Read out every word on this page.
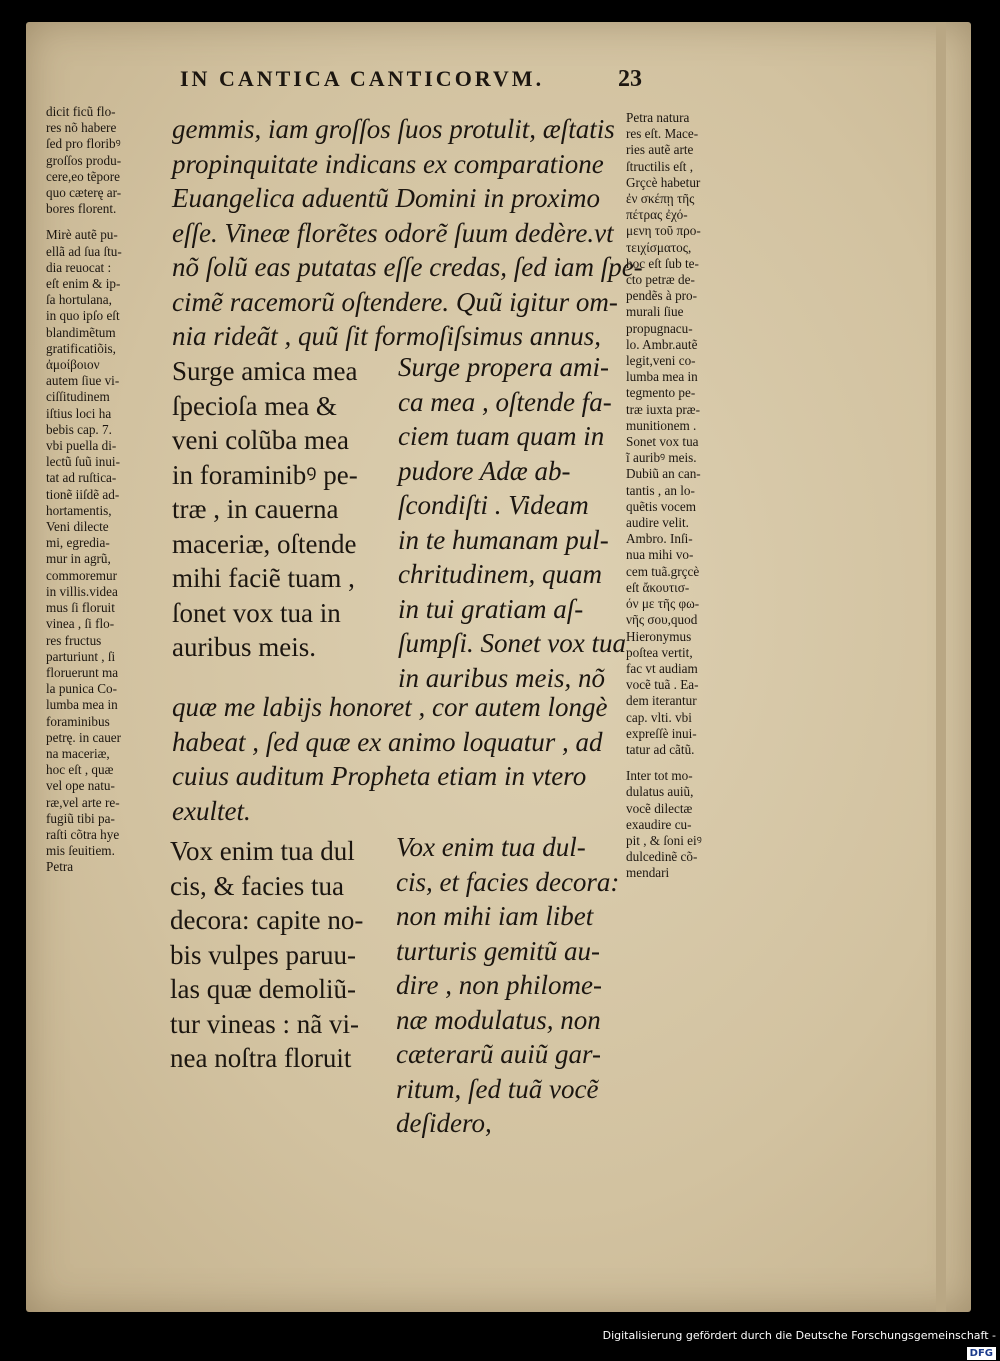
IN CANTICA CANTICORVM.	23
dicit ficũ flo-
res nõ habere
ſed pro floribꝰ
groſſos produ-
cere,eo tẽpore
quo cæterę ar-
bores florent.
Mirè autẽ pu-
ellã ad ſua ſtu-
dia reuocat :
eſt enim & ip-
ſa hortulana,
in quo ipſo eſt
blandimẽtum
gratificatiõis,
ἀμοίβοιον
autem ſiue vi-
ciſſitudinem
iſtius loci ha
bebis cap. 7.
vbi puella di-
lectũ ſuũ inui-
tat ad ruſtica-
tionẽ iiſdẽ ad-
hortamentis,
Veni dilecte
mi, egredia-
mur in agrũ,
commoremur
in villis.videa
mus ſi floruit
vinea , ſi flo-
res fructus
parturiunt , ſi
floruerunt ma
la punica Co-
lumba mea in
foraminibus
petrę. in cauer
na maceriæ,
hoc eſt , quæ
vel ope natu-
ræ,vel arte re-
fugiũ tibi pa-
raſti cõtra hye
mis ſeuitiem.
Petra
Petra natura
res eſt. Mace-
ries autẽ arte
ſtructilis eſt ,
Grçcè habetur
ἐν σκέπῃ τῆς
πέτρας ἐχό-
μενη τοῦ προ-
τειχίσματος,
hoc eſt ſub te-
cto petræ de-
pendẽs à pro-
murali ſiue
propugnacu-
lo. Ambr.autẽ
legit,veni co-
lumba mea in
tegmento pe-
træ iuxta præ-
munitionem .
Sonet vox tua
ĩ auribꝰ meis.
Dubiũ an can-
tantis , an lo-
quẽtis vocem
audire velit.
Ambro. Inſi-
nua mihi vo-
cem tuã.grçcè
eſt ἄκουτισ-
όν με τῆς φω-
νῆς σου,quod
Hieronymus
poſtea vertit,
fac vt audiam
vocẽ tuã . Ea-
dem iterantur
cap. vlti. vbi
expreſſè inui-
tatur ad cãtũ.
Inter tot mo-
dulatus auiũ,
vocẽ dilectæ
exaudire cu-
pit , & ſoni eiꝰ
dulcedinẽ cõ-
mendari
gemmis, iam groſſos ſuos protulit, æſtatis
propinquitate indicans ex comparatione
Euangelica aduentũ Domini in proximo
eſſe. Vineæ florẽtes odorẽ ſuum dedère.vt
nõ ſolũ eas putatas eſſe credas, ſed iam ſpe-
cimẽ racemorũ oſtendere. Quũ igitur om-
nia rideãt , quũ ſit formoſiſsimus annus,
Surge amica mea
ſpecioſa mea &
veni colũba mea
in foraminibꝰ pe-
træ , in cauerna
maceriæ, oſtende
mihi faciẽ tuam ,
ſonet vox tua in
auribus meis.
Surge propera ami-
ca mea , oſtende fa-
ciem tuam quam in
pudore Adæ ab-
ſcondiſti . Videam
in te humanam pul-
chritudinem, quam
in tui gratiam aſ-
ſumpſi. Sonet vox tua
in auribus meis, nõ
quæ me labijs honoret , cor autem longè
habeat , ſed quæ ex animo loquatur , ad
cuius auditum Propheta etiam in vtero
exultet.
Vox enim tua dul
cis, & facies tua
decora: capite no-
bis vulpes paruu-
las quæ demoliũ-
tur vineas : nã vi-
nea noſtra floruit
Vox enim tua dul-
cis, et facies decora:
non mihi iam libet
turturis gemitũ au-
dire , non philome-
næ modulatus, non
cæterarũ auiũ gar-
ritum, ſed tuã vocẽ
deſidero,
Digitalisierung gefördert durch die Deutsche Forschungsgemeinschaft - DFG
